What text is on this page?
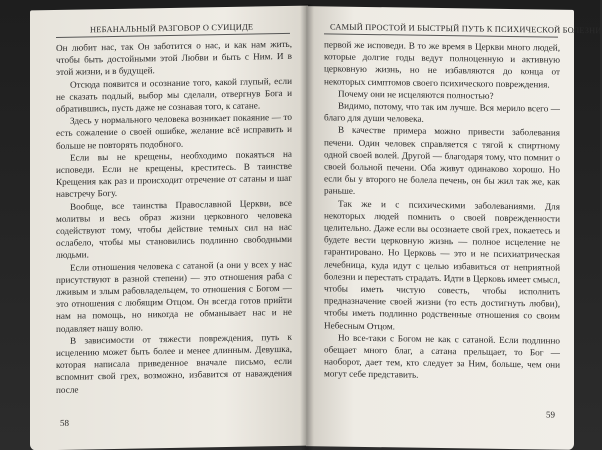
НЕБАНАЛЬНЫЙ РАЗГОВОР О СУИЦИДЕ

Он любит нас, так Он заботится о нас, и как нам жить, чтобы быть достойными этой Любви и быть с Ним. И в этой жизни, и в будущей.

Отсюда появится и осознание того, какой глупый, если не сказать подлый, выбор мы сделали, отвергнув Бога и обратившись, пусть даже не сознавая того, к сатане.

Здесь у нормального человека возникает покаяние — то есть сожаление о своей ошибке, желание всё исправить и больше не повторять подобного.

Если вы не крещены, необходимо покаяться на исповеди. Если не крещены, креститесь. В таинстве Крещения как раз и происходит отречение от сатаны и шаг навстречу Богу.

Вообще, все таинства Православной Церкви, все молитвы и весь образ жизни церковного человека содействуют тому, чтобы действие темных сил на нас ослабело, чтобы мы становились подлинно свободными людьми.

Если отношения человека с сатаной (а они у всех у нас присутствуют в разной степени) — это отношения раба с лживым и злым рабовладельцем, то отношения с Богом — это отношения с любящим Отцом. Он всегда готов прийти нам на помощь, но никогда не обманывает нас и не подавляет нашу волю.

В зависимости от тяжести повреждения, путь к исцелению может быть более и менее длинным. Девушка, которая написала приведенное вначале письмо, если вспомнит свой грех, возможно, избавится от наваждения после

58
САМЫЙ ПРОСТОЙ И БЫСТРЫЙ ПУТЬ К ПСИХИЧЕСКОЙ БОЛЕЗНИ

первой же исповеди. В то же время в Церкви много людей, которые долгие годы ведут полноценную и активную церковную жизнь, но не избавляются до конца от некоторых симптомов своего психического повреждения.

Почему они не исцеляются полностью?

Видимо, потому, что так им лучше. Вся мерило всего — благо для души человека.

В качестве примера можно привести заболевания печени. Один человек справляется с тягой к спиртному одной своей волей. Другой — благодаря тому, что помнит о своей больной печени. Оба живут одинаково хорошо. Но если бы у второго не болела печень, он бы жил так же, как раньше.

Так же и с психическими заболеваниями. Для некоторых людей помнить о своей поврежденности целительно. Даже если вы осознаете свой грех, покаетесь и будете вести церковную жизнь — полное исцеление не гарантировано. Но Церковь — это и не психиатрическая лечебница, куда идут с целью избавиться от неприятной болезни и перестать страдать. Идти в Церковь имеет смысл, чтобы иметь чистую совесть, чтобы исполнить предназначение своей жизни (то есть достигнуть любви), чтобы иметь подлинно родственные отношения со своим Небесным Отцом.

Но все-таки с Богом не как с сатаной. Если подлинно обещает много благ, а сатана прельщает, то Бог — наоборот, дает тем, кто следует за Ним, больше, чем они могут себе представить.

59
